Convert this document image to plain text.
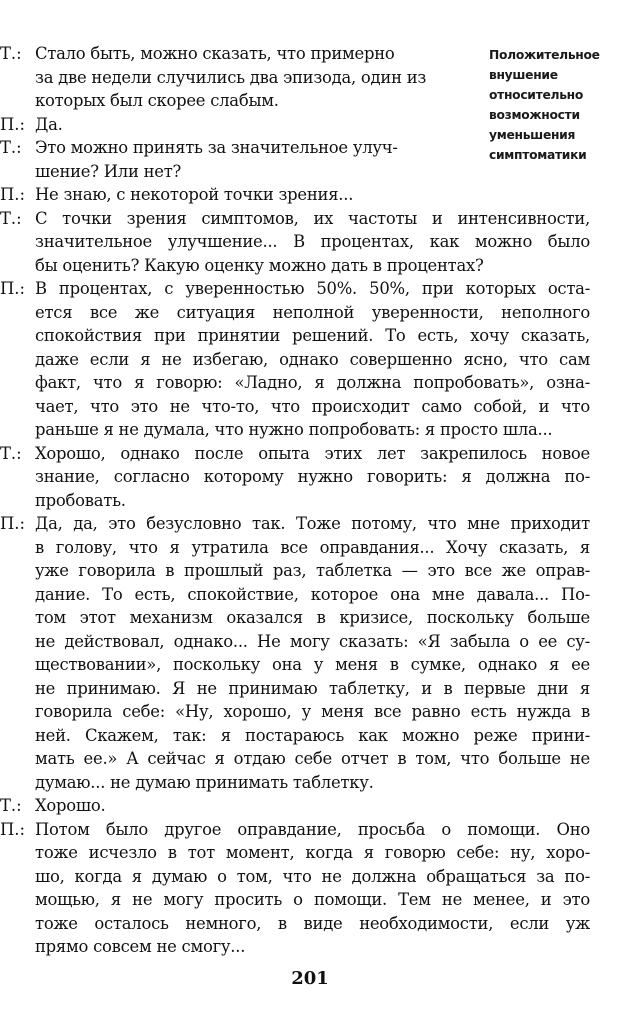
Положительное
внушение
относительно
возможности
уменьшения
симптоматики
Т.: Стало быть, можно сказать, что примерно
за две недели случились два эпизода, один из
которых был скорее слабым.
П.: Да.
Т.: Это можно принять за значительное улуч-
шение? Или нет?
П.: Не знаю, с некоторой точки зрения...
Т.: С точки зрения симптомов, их частоты и интенсивности,
значительное улучшение... В процентах, как можно было
бы оценить? Какую оценку можно дать в процентах?
П.: В процентах, с уверенностью 50%. 50%, при которых оста-
ется все же ситуация неполной уверенности, неполного
спокойствия при принятии решений. То есть, хочу сказать,
даже если я не избегаю, однако совершенно ясно, что сам
факт, что я говорю: «Ладно, я должна попробовать», озна-
чает, что это не что-то, что происходит само собой, и что
раньше я не думала, что нужно попробовать: я просто шла...
Т.: Хорошо, однако после опыта этих лет закрепилось новое
знание, согласно которому нужно говорить: я должна по-
пробовать.
П.: Да, да, это безусловно так. Тоже потому, что мне приходит
в голову, что я утратила все оправдания... Хочу сказать, я
уже говорила в прошлый раз, таблетка — это все же оправ-
дание. То есть, спокойствие, которое она мне давала... По-
том этот механизм оказался в кризисе, поскольку больше
не действовал, однако... Не могу сказать: «Я забыла о ее су-
ществовании», поскольку она у меня в сумке, однако я ее
не принимаю. Я не принимаю таблетку, и в первые дни я
говорила себе: «Ну, хорошо, у меня все равно есть нужда в
ней. Скажем, так: я постараюсь как можно реже прини-
мать ее.» А сейчас я отдаю себе отчет в том, что больше не
думаю... не думаю принимать таблетку.
Т.: Хорошо.
П.: Потом было другое оправдание, просьба о помощи. Оно
тоже исчезло в тот момент, когда я говорю себе: ну, хоро-
шо, когда я думаю о том, что не должна обращаться за по-
мощью, я не могу просить о помощи. Тем не менее, и это
тоже осталось немного, в виде необходимости, если уж
прямо совсем не смогу...
201
